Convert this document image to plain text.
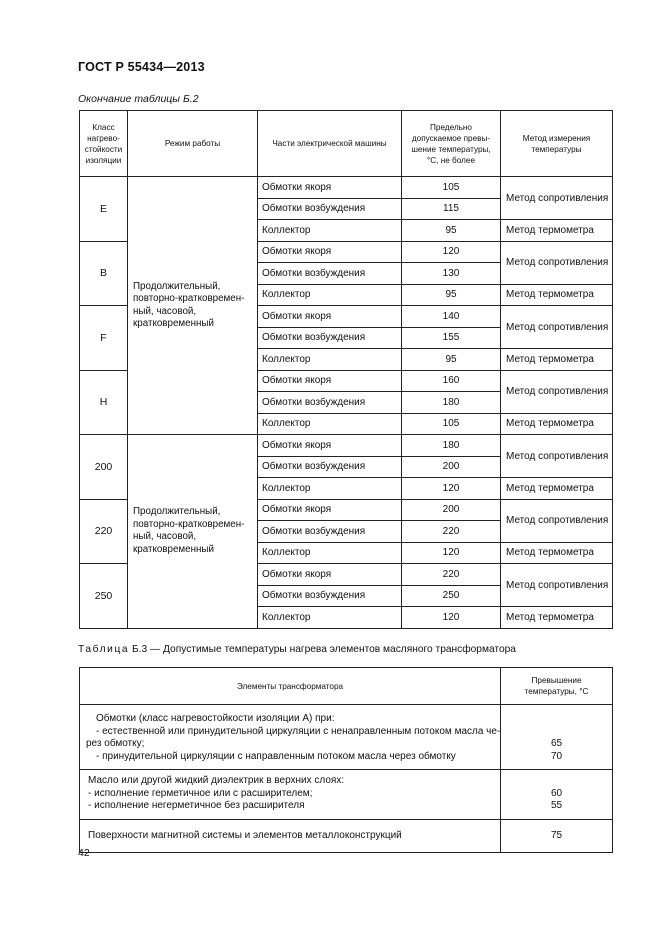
ГОСТ Р 55434—2013
Окончание таблицы Б.2
Класс
нагрево-
стойкости
изоляции	Режим работы	Части электрической машины	Предельно
допускаемое превы-
шение температуры,
°С, не более	Метод измерения
температуры

E	Продолжительный,
повторно-кратковремен-
ный, часовой,
кратковременный	Обмотки якоря	105	Метод сопротивления
		Обмотки возбуждения	115	
		Коллектор	95	Метод термометра
B		Обмотки якоря	120	Метод сопротивления
		Обмотки возбуждения	130	
		Коллектор	95	Метод термометра
F		Обмотки якоря	140	Метод сопротивления
		Обмотки возбуждения	155	
		Коллектор	95	Метод термометра
H		Обмотки якоря	160	Метод сопротивления
		Обмотки возбуждения	180	
		Коллектор	105	Метод термометра
200	Продолжительный,
повторно-кратковремен-
ный, часовой,
кратковременный	Обмотки якоря	180	Метод сопротивления
		Обмотки возбуждения	200	
		Коллектор	120	Метод термометра
220		Обмотки якоря	200	Метод сопротивления
		Обмотки возбуждения	220	
		Коллектор	120	Метод термометра
250		Обмотки якоря	220	Метод сопротивления
		Обмотки возбуждения	250	
		Коллектор	120	Метод термометра
Таблица Б.3 — Допустимые температуры нагрева элементов масляного трансформатора
Элементы трансформатора	Превышение
температуры, °С

Обмотки (класс нагревостойкости изоляции А) при:
- естественной или принудительной циркуляции с ненаправленным потоком масла че-
рез обмотку;
- принудительной циркуляции с направленным потоком масла через обмотку	65
70

Масло или другой жидкий диэлектрик в верхних слоях:
- исполнение герметичное или с расширителем;
- исполнение негерметичное без расширителя	60
55

Поверхности магнитной системы и элементов металлоконструкций	75
42
